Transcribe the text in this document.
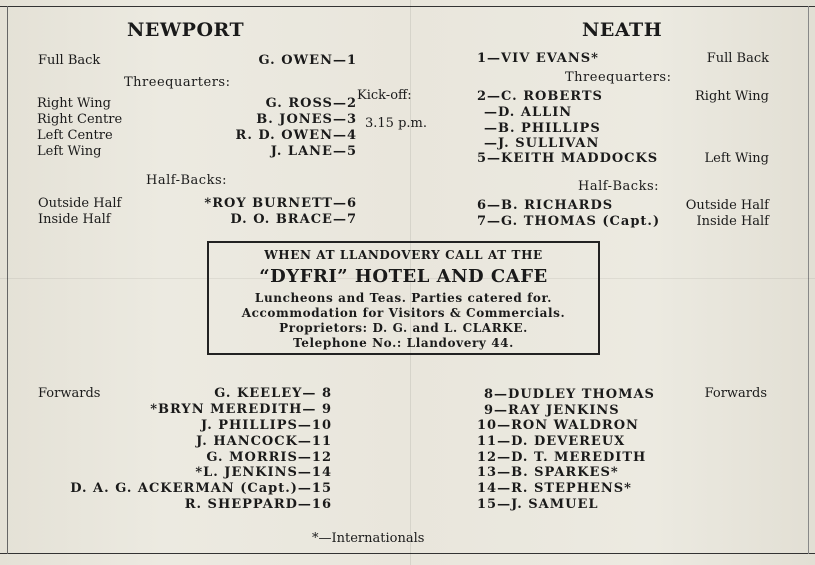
NEWPORT
Full Back	G. OWEN—1
Threequarters:
Right Wing	G. ROSS—2
Right Centre	B. JONES—3
Left Centre	R. D. OWEN—4
Left Wing	J. LANE—5
Half-Backs:
Outside Half	*ROY BURNETT—6
Inside Half	D. O. BRACE—7
Kick-off:
3.15 p.m.
NEATH
1—VIV EVANS*	Full Back
Threequarters:
2—C. ROBERTS	Right Wing
—D. ALLIN
—B. PHILLIPS
—J. SULLIVAN
5—KEITH MADDOCKS	Left Wing
Half-Backs:
6—B. RICHARDS	Outside Half
7—G. THOMAS (Capt.)	Inside Half
WHEN AT LLANDOVERY CALL AT THE
“DYFRI” HOTEL AND CAFE
Luncheons and Teas. Parties catered for.
Accommodation for Visitors & Commercials.
Proprietors: D. G. and L. CLARKE.
Telephone No.: Llandovery 44.
Forwards	G. KEELEY— 8
*BRYN MEREDITH— 9
J. PHILLIPS—10
J. HANCOCK—11
G. MORRIS—12
*L. JENKINS—14
D. A. G. ACKERMAN (Capt.)—15
R. SHEPPARD—16
8—DUDLEY THOMAS	Forwards
9—RAY JENKINS
10—RON WALDRON
11—D. DEVEREUX
12—D. T. MEREDITH
13—B. SPARKES*
14—R. STEPHENS*
15—J. SAMUEL
*—Internationals
